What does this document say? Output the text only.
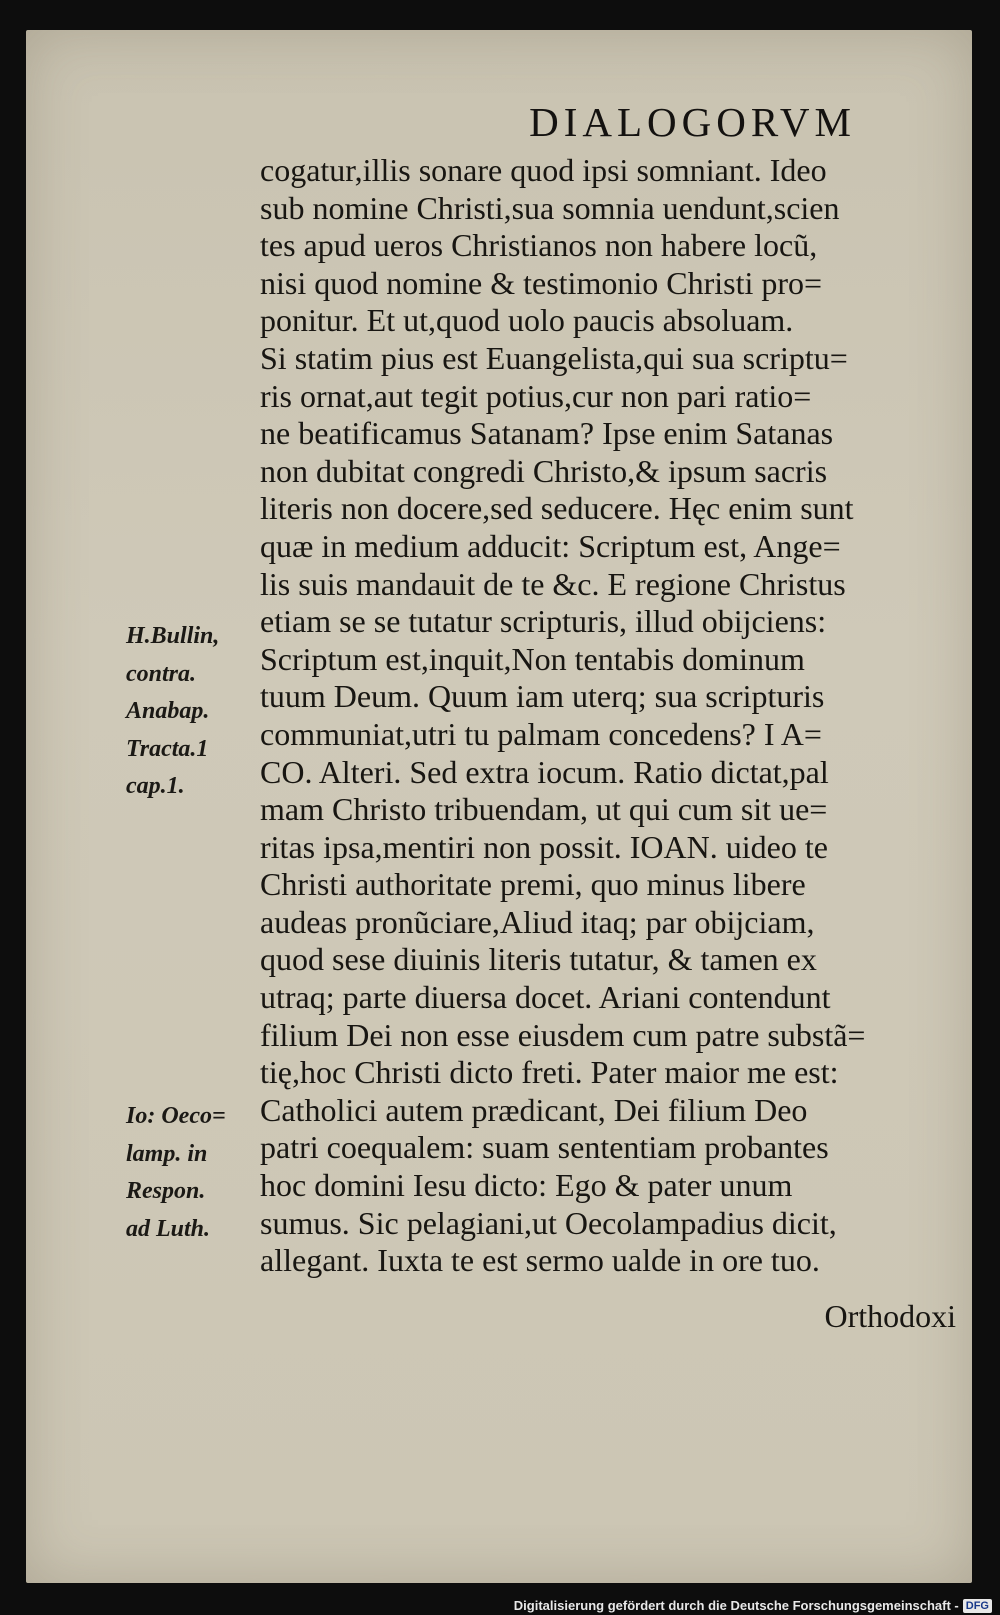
DIALOGORVM
cogatur,illis sonare quod ipsi somniant. Ideo
sub nomine Christi,sua somnia uendunt,scien
tes apud ueros Christianos non habere locũ,
nisi quod nomine & testimonio Christi pro=
ponitur. Et ut,quod uolo paucis absoluam.
Si statim pius est Euangelista,qui sua scriptu=
ris ornat,aut tegit potius,cur non pari ratio=
ne beatificamus Satanam? Ipse enim Satanas
non dubitat congredi Christo,& ipsum sacris
literis non docere,sed seducere. Hęc enim sunt
quæ in medium adducit: Scriptum est, Ange=
lis suis mandauit de te &c. E regione Christus
etiam se se tutatur scripturis, illud obijciens:
Scriptum est,inquit,Non tentabis dominum
tuum Deum. Quum iam uterq; sua scripturis
communiat,utri tu palmam concedens? I A=
CO. Alteri. Sed extra iocum. Ratio dictat,pal
mam Christo tribuendam, ut qui cum sit ue=
ritas ipsa,mentiri non possit. IOAN. uideo te
Christi authoritate premi, quo minus libere
audeas pronũciare,Aliud itaq; par obijciam,
quod sese diuinis literis tutatur, & tamen ex
utraq; parte diuersa docet. Ariani contendunt
filium Dei non esse eiusdem cum patre substã=
tię,hoc Christi dicto freti. Pater maior me est:
Catholici autem prædicant, Dei filium Deo
patri coequalem: suam sententiam probantes
hoc domini Iesu dicto: Ego & pater unum
sumus. Sic pelagiani,ut Oecolampadius dicit,
allegant. Iuxta te est sermo ualde in ore tuo.
H.Bullin,
contra.
Anabap.
Tracta.1
cap.1.
Io: Oeco=
lamp. in
Respon.
ad Luth.
Orthodoxi
Digitalisierung gefördert durch die Deutsche Forschungsgemeinschaft - DFG
